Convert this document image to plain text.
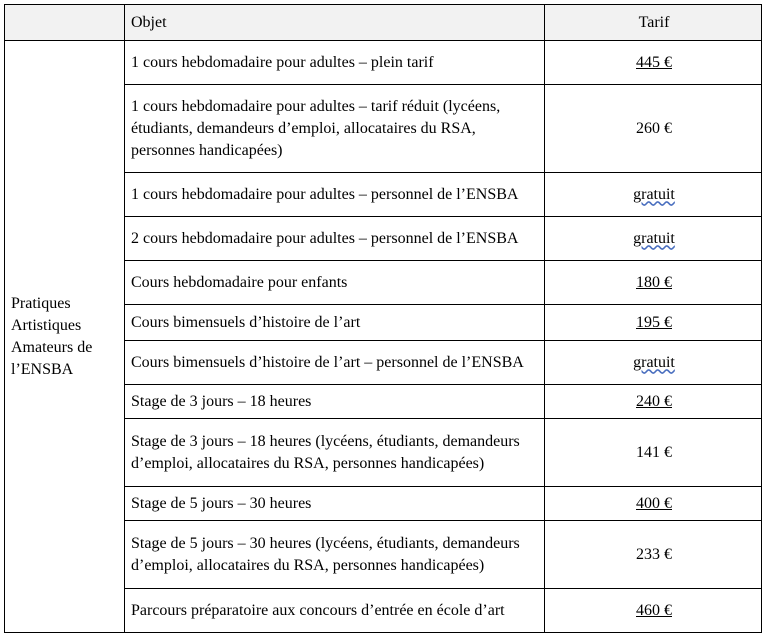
	Objet	Tarif
Pratiques Artistiques Amateurs de l’ENSBA	1 cours hebdomadaire pour adultes – plein tarif	445 €
	1 cours hebdomadaire pour adultes – tarif réduit (lycéens, étudiants, demandeurs d’emploi, allocataires du RSA, personnes handicapées)	260 €
	1 cours hebdomadaire pour adultes – personnel de l’ENSBA	gratuit
	2 cours hebdomadaire pour adultes – personnel de l’ENSBA	gratuit
	Cours hebdomadaire pour enfants	180 €
	Cours bimensuels d’histoire de l’art	195 €
	Cours bimensuels d’histoire de l’art – personnel de l’ENSBA	gratuit
	Stage de 3 jours – 18 heures	240 €
	Stage de 3 jours – 18 heures (lycéens, étudiants, demandeurs d’emploi, allocataires du RSA, personnes handicapées)	141 €
	Stage de 5 jours – 30 heures	400 €
	Stage de 5 jours – 30 heures (lycéens, étudiants, demandeurs d’emploi, allocataires du RSA, personnes handicapées)	233 €
	Parcours préparatoire aux concours d’entrée en école d’art	460 €
